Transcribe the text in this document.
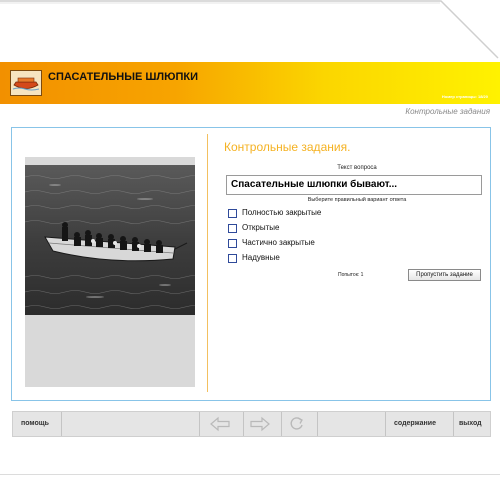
СПАСАТЕЛЬНЫЕ ШЛЮПКИ
Номер страницы: 18/20
Контрольные задания
Контрольные задания.
Текст вопроса
Спасательные шлюпки бывают...
Выберите правильный вариант ответа
Полностью закрытые
Открытые
Частично закрытые
Надувные
Попыток: 1	Пропустить задание
помощь	содержание	выход
